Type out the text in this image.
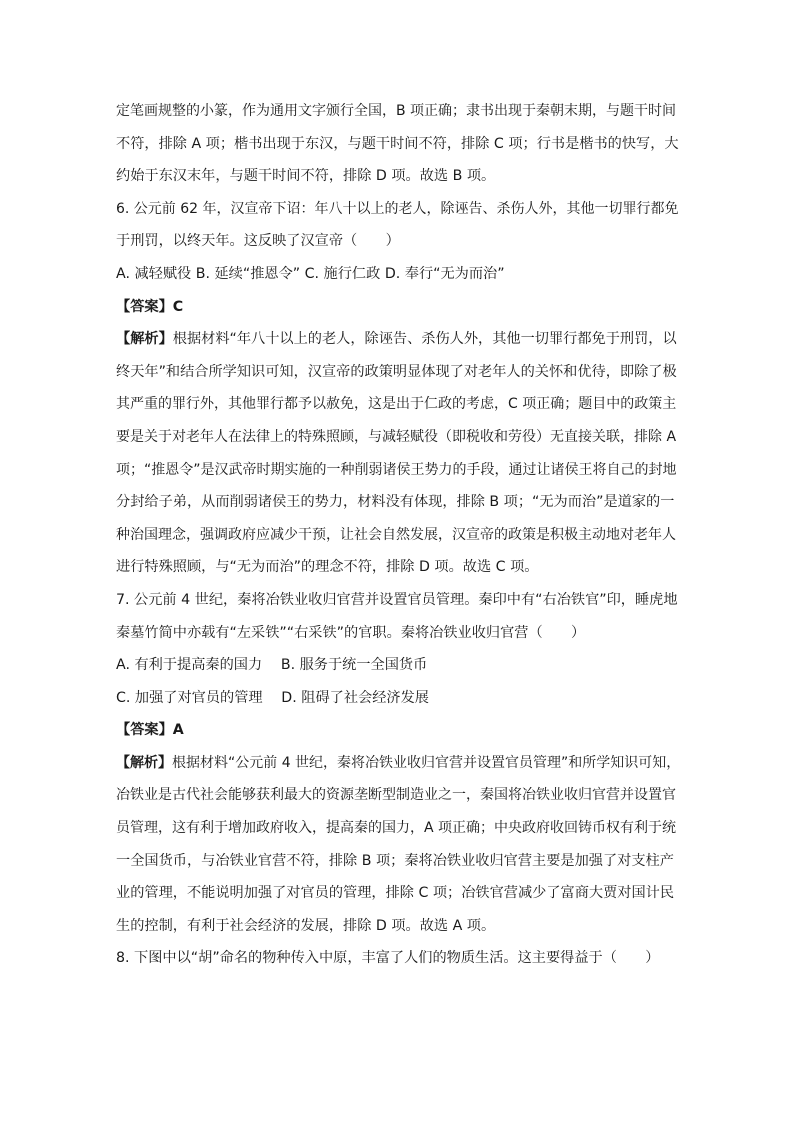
定笔画规整的小篆，作为通用文字颁行全国，B 项正确；隶书出现于秦朝末期，与题干时间
不符，排除 A 项；楷书出现于东汉，与题干时间不符，排除 C 项；行书是楷书的快写，大
约始于东汉末年，与题干时间不符，排除 D 项。故选 B 项。
6. 公元前 62 年，汉宣帝下诏：年八十以上的老人，除诬告、杀伤人外，其他一切罪行都免
于刑罚，以终天年。这反映了汉宣帝（　　）
A. 减轻赋役 B. 延续“推恩令” C. 施行仁政 D. 奉行“无为而治”
【答案】C
【解析】根据材料“年八十以上的老人，除诬告、杀伤人外，其他一切罪行都免于刑罚，以
终天年”和结合所学知识可知，汉宣帝的政策明显体现了对老年人的关怀和优待，即除了极
其严重的罪行外，其他罪行都予以赦免，这是出于仁政的考虑，C 项正确；题目中的政策主
要是关于对老年人在法律上的特殊照顾，与减轻赋役（即税收和劳役）无直接关联，排除 A
项；“推恩令”是汉武帝时期实施的一种削弱诸侯王势力的手段，通过让诸侯王将自己的封地
分封给子弟，从而削弱诸侯王的势力，材料没有体现，排除 B 项；“无为而治”是道家的一
种治国理念，强调政府应减少干预，让社会自然发展，汉宣帝的政策是积极主动地对老年人
进行特殊照顾，与“无为而治”的理念不符，排除 D 项。故选 C 项。
7. 公元前 4 世纪，秦将冶铁业收归官营并设置官员管理。秦印中有“右冶铁官”印，睡虎地
秦墓竹简中亦载有“左采铁”“右采铁”的官职。秦将冶铁业收归官营（　　）
A. 有利于提高秦的国力　 B. 服务于统一全国货币
C. 加强了对官员的管理　 D. 阻碍了社会经济发展
【答案】A
【解析】根据材料“公元前 4 世纪，秦将冶铁业收归官营并设置官员管理”和所学知识可知，
冶铁业是古代社会能够获利最大的资源垄断型制造业之一，秦国将冶铁业收归官营并设置官
员管理，这有利于增加政府收入，提高秦的国力，A 项正确；中央政府收回铸币权有利于统
一全国货币，与冶铁业官营不符，排除 B 项；秦将冶铁业收归官营主要是加强了对支柱产
业的管理，不能说明加强了对官员的管理，排除 C 项；冶铁官营减少了富商大贾对国计民
生的控制，有利于社会经济的发展，排除 D 项。故选 A 项。
8. 下图中以“胡”命名的物种传入中原，丰富了人们的物质生活。这主要得益于（　　）
